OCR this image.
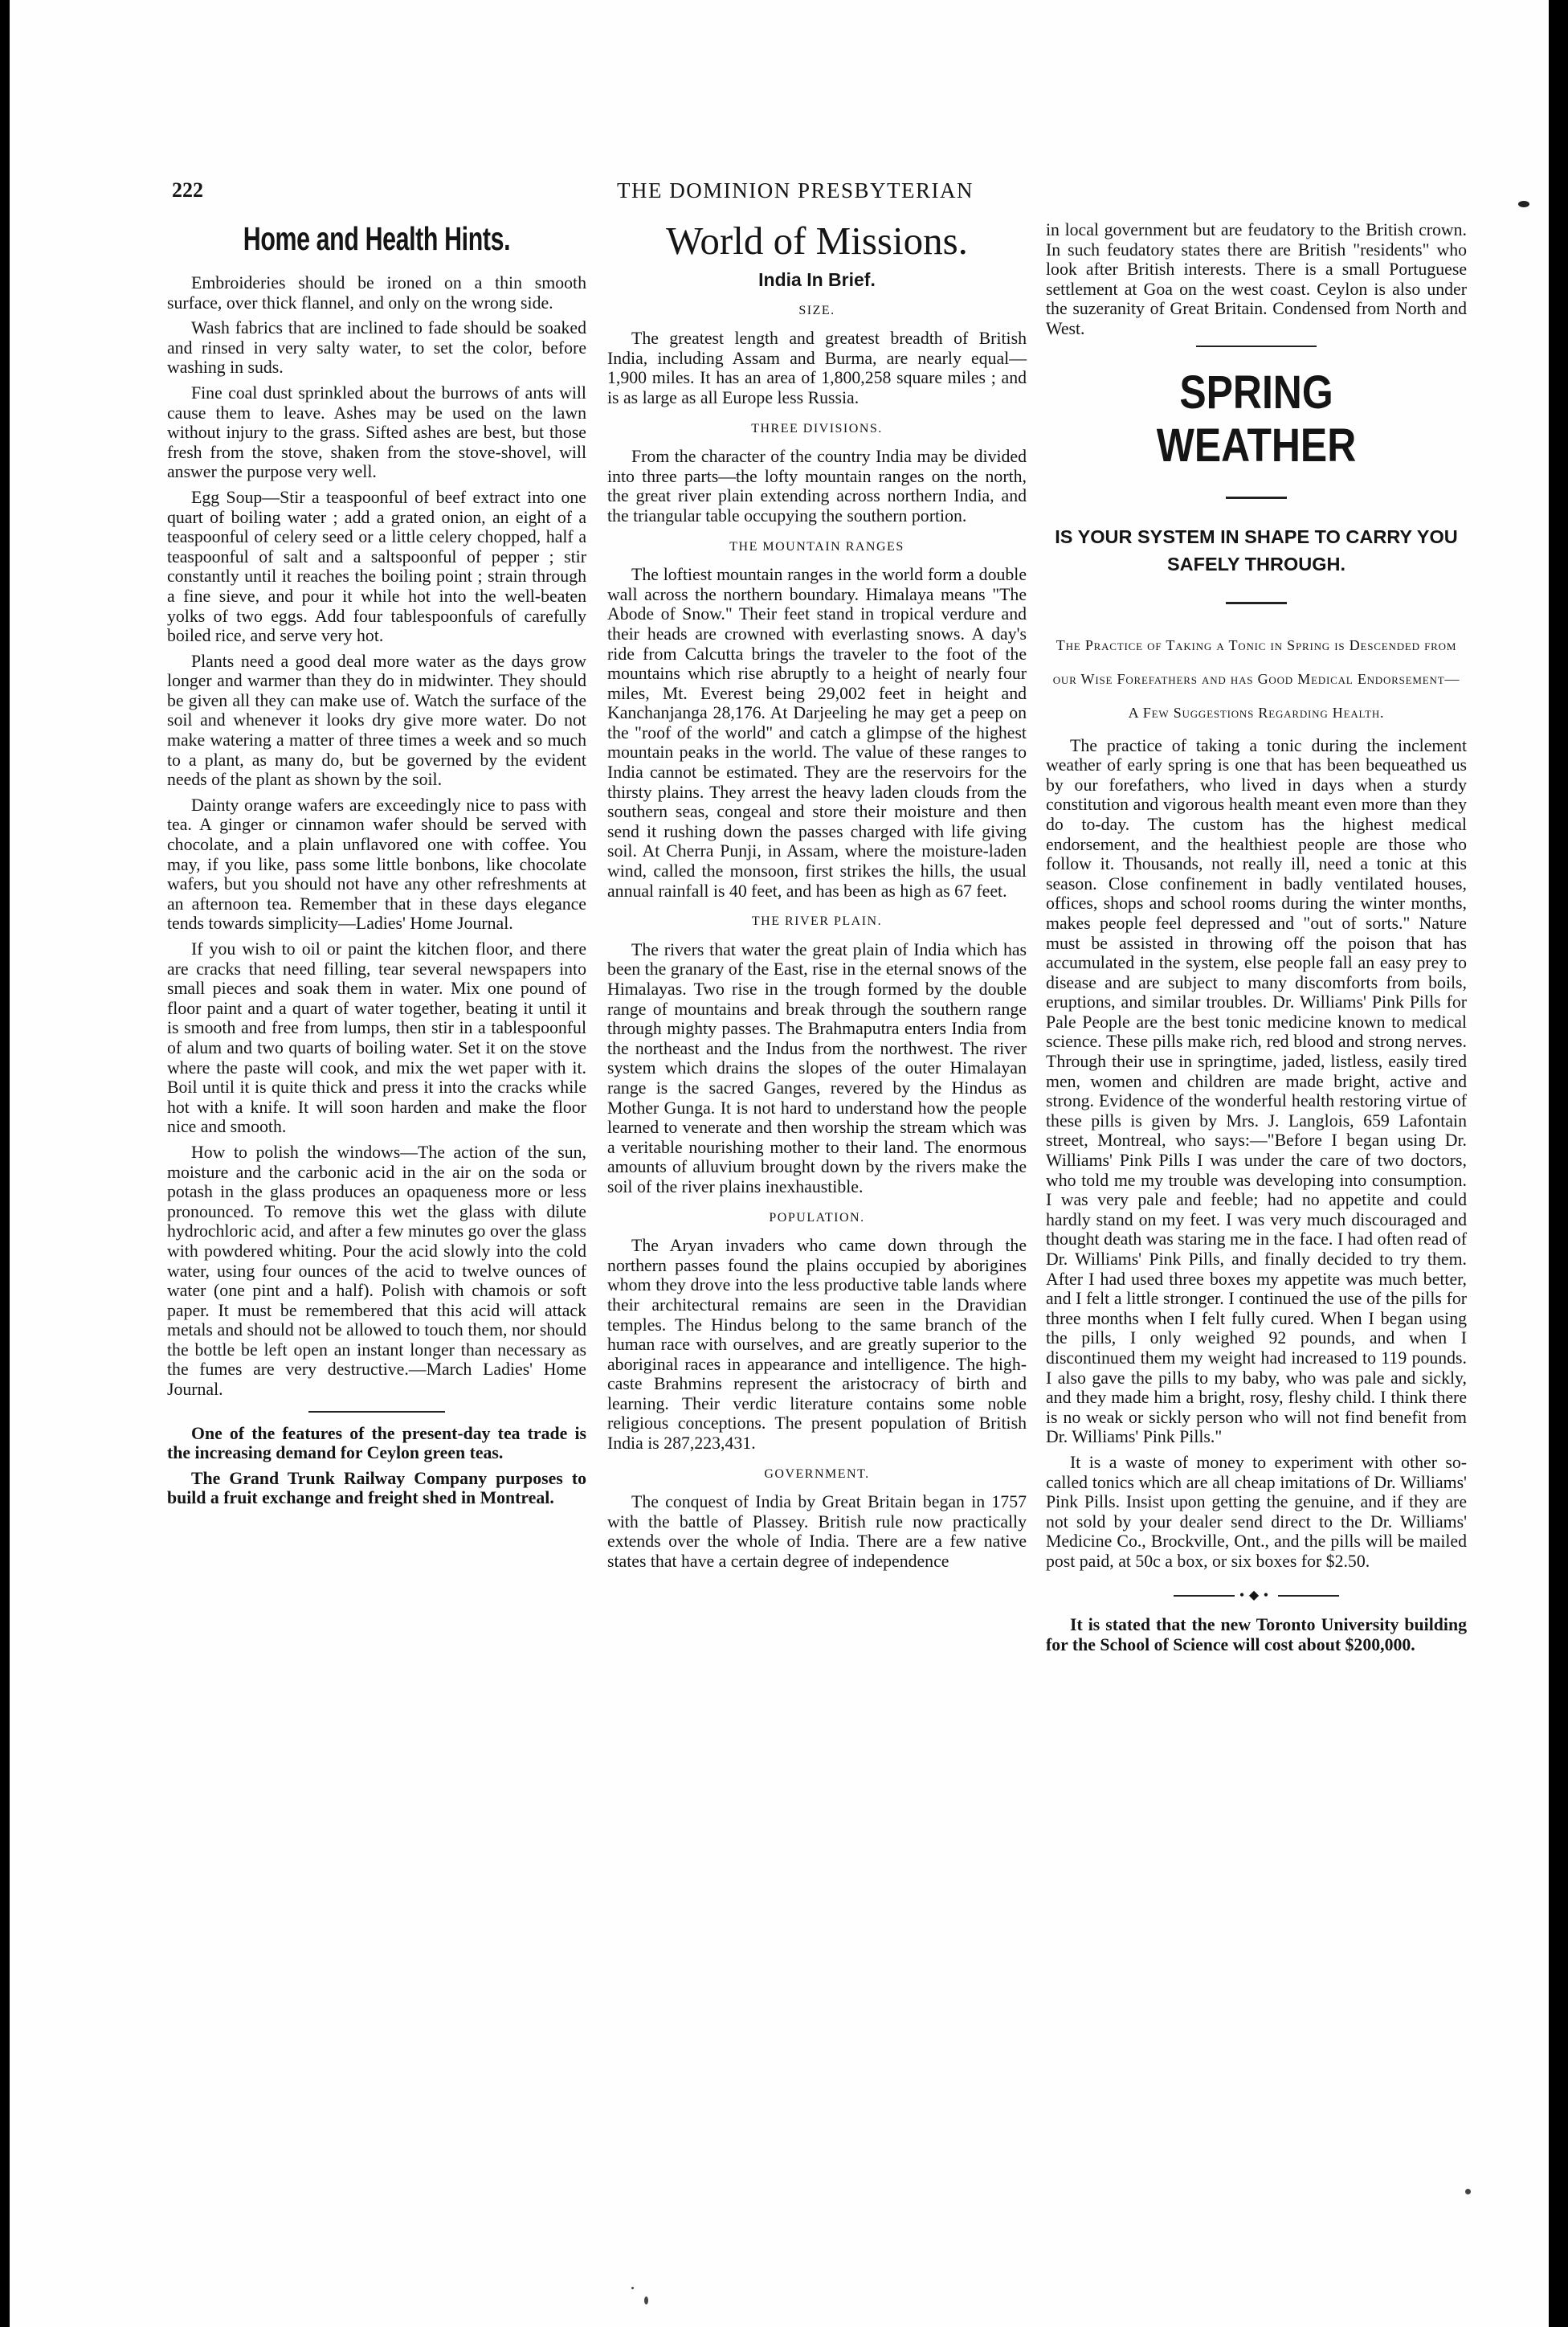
222	THE DOMINION PRESBYTERIAN
Home and Health Hints.

Embroideries should be ironed on a thin smooth surface, over thick flannel, and only on the wrong side.

Wash fabrics that are inclined to fade should be soaked and rinsed in very salty water, to set the color, before washing in suds.

Fine coal dust sprinkled about the burrows of ants will cause them to leave. Ashes may be used on the lawn without injury to the grass. Sifted ashes are best, but those fresh from the stove, shaken from the stove-shovel, will answer the purpose very well.

Egg Soup—Stir a teaspoonful of beef extract into one quart of boiling water ; add a grated onion, an eight of a teaspoonful of celery seed or a little celery chopped, half a teaspoonful of salt and a saltspoonful of pepper ; stir constantly until it reaches the boiling point ; strain through a fine sieve, and pour it while hot into the well-beaten yolks of two eggs. Add four tablespoonfuls of carefully boiled rice, and serve very hot.

Plants need a good deal more water as the days grow longer and warmer than they do in midwinter. They should be given all they can make use of. Watch the surface of the soil and whenever it looks dry give more water. Do not make watering a matter of three times a week and so much to a plant, as many do, but be governed by the evident needs of the plant as shown by the soil.

Dainty orange wafers are exceedingly nice to pass with tea. A ginger or cinnamon wafer should be served with chocolate, and a plain unflavored one with coffee. You may, if you like, pass some little bonbons, like chocolate wafers, but you should not have any other refreshments at an afternoon tea. Remember that in these days elegance tends towards simplicity—Ladies' Home Journal.

If you wish to oil or paint the kitchen floor, and there are cracks that need filling, tear several newspapers into small pieces and soak them in water. Mix one pound of floor paint and a quart of water together, beating it until it is smooth and free from lumps, then stir in a tablespoonful of alum and two quarts of boiling water. Set it on the stove where the paste will cook, and mix the wet paper with it. Boil until it is quite thick and press it into the cracks while hot with a knife. It will soon harden and make the floor nice and smooth.

How to polish the windows—The action of the sun, moisture and the carbonic acid in the air on the soda or potash in the glass produces an opaqueness more or less pronounced. To remove this wet the glass with dilute hydrochloric acid, and after a few minutes go over the glass with powdered whiting. Pour the acid slowly into the cold water, using four ounces of the acid to twelve ounces of water (one pint and a half). Polish with chamois or soft paper. It must be remembered that this acid will attack metals and should not be allowed to touch them, nor should the bottle be left open an instant longer than necessary as the fumes are very destructive.—March Ladies' Home Journal.

One of the features of the present-day tea trade is the increasing demand for Ceylon green teas.

The Grand Trunk Railway Company purposes to build a fruit exchange and freight shed in Montreal.

World of Missions.
India In Brief.
SIZE.

The greatest length and greatest breadth of British India, including Assam and Burma, are nearly equal—1,900 miles. It has an area of 1,800,258 square miles ; and is as large as all Europe less Russia.

THREE DIVISIONS.

From the character of the country India may be divided into three parts—the lofty mountain ranges on the north, the great river plain extending across northern India, and the triangular table occupying the southern portion.

THE MOUNTAIN RANGES

The loftiest mountain ranges in the world form a double wall across the northern boundary. Himalaya means "The Abode of Snow." Their feet stand in tropical verdure and their heads are crowned with everlasting snows. A day's ride from Calcutta brings the traveler to the foot of the mountains which rise abruptly to a height of nearly four miles, Mt. Everest being 29,002 feet in height and Kanchanjanga 28,176. At Darjeeling he may get a peep on the "roof of the world" and catch a glimpse of the highest mountain peaks in the world. The value of these ranges to India cannot be estimated. They are the reservoirs for the thirsty plains. They arrest the heavy laden clouds from the southern seas, congeal and store their moisture and then send it rushing down the passes charged with life giving soil. At Cherra Punji, in Assam, where the moisture-laden wind, called the monsoon, first strikes the hills, the usual annual rainfall is 40 feet, and has been as high as 67 feet.

THE RIVER PLAIN.

The rivers that water the great plain of India which has been the granary of the East, rise in the eternal snows of the Himalayas. Two rise in the trough formed by the double range of mountains and break through the southern range through mighty passes. The Brahmaputra enters India from the northeast and the Indus from the northwest. The river system which drains the slopes of the outer Himalayan range is the sacred Ganges, revered by the Hindus as Mother Gunga. It is not hard to understand how the people learned to venerate and then worship the stream which was a veritable nourishing mother to their land. The enormous amounts of alluvium brought down by the rivers make the soil of the river plains inexhaustible.

POPULATION.

The Aryan invaders who came down through the northern passes found the plains occupied by aborigines whom they drove into the less productive table lands where their architectural remains are seen in the Dravidian temples. The Hindus belong to the same branch of the human race with ourselves, and are greatly superior to the aboriginal races in appearance and intelligence. The high-caste Brahmins represent the aristocracy of birth and learning. Their verdic literature contains some noble religious conceptions. The present population of British India is 287,223,431.

GOVERNMENT.

The conquest of India by Great Britain began in 1757 with the battle of Plassey. British rule now practically extends over the whole of India. There are a few native states that have a certain degree of independence

in local government but are feudatory to the British crown. In such feudatory states there are British "residents" who look after British interests. There is a small Portuguese settlement at Goa on the west coast. Ceylon is also under the suzeranity of Great Britain. Condensed from North and West.

SPRING WEATHER
IS YOUR SYSTEM IN SHAPE TO CARRY YOU SAFELY THROUGH.
The Practice of Taking a Tonic in Spring is Descended from our Wise Forefathers and has Good Medical Endorsement— A Few Suggestions Regarding Health.

The practice of taking a tonic during the inclement weather of early spring is one that has been bequeathed us by our forefathers, who lived in days when a sturdy constitution and vigorous health meant even more than they do to-day. The custom has the highest medical endorsement, and the healthiest people are those who follow it. Thousands, not really ill, need a tonic at this season. Close confinement in badly ventilated houses, offices, shops and school rooms during the winter months, makes people feel depressed and "out of sorts." Nature must be assisted in throwing off the poison that has accumulated in the system, else people fall an easy prey to disease and are subject to many discomforts from boils, eruptions, and similar troubles. Dr. Williams' Pink Pills for Pale People are the best tonic medicine known to medical science. These pills make rich, red blood and strong nerves. Through their use in springtime, jaded, listless, easily tired men, women and children are made bright, active and strong. Evidence of the wonderful health restoring virtue of these pills is given by Mrs. J. Langlois, 659 Lafontain street, Montreal, who says:—"Before I began using Dr. Williams' Pink Pills I was under the care of two doctors, who told me my trouble was developing into consumption. I was very pale and feeble; had no appetite and could hardly stand on my feet. I was very much discouraged and thought death was staring me in the face. I had often read of Dr. Williams' Pink Pills, and finally decided to try them. After I had used three boxes my appetite was much better, and I felt a little stronger. I continued the use of the pills for three months when I felt fully cured. When I began using the pills, I only weighed 92 pounds, and when I discontinued them my weight had increased to 119 pounds. I also gave the pills to my baby, who was pale and sickly, and they made him a bright, rosy, fleshy child. I think there is no weak or sickly person who will not find benefit from Dr. Williams' Pink Pills."

It is a waste of money to experiment with other so-called tonics which are all cheap imitations of Dr. Williams' Pink Pills. Insist upon getting the genuine, and if they are not sold by your dealer send direct to the Dr. Williams' Medicine Co., Brockville, Ont., and the pills will be mailed post paid, at 50c a box, or six boxes for $2.50.

•◆•

It is stated that the new Toronto University building for the School of Science will cost about $200,000.
